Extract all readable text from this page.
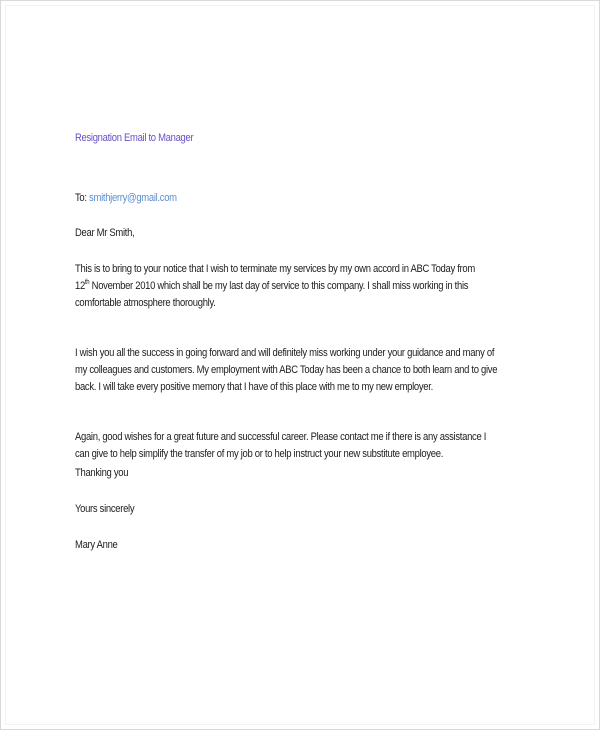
Resignation Email to Manager
To: smithjerry@gmail.com
Dear Mr Smith,
This is to bring to your notice that I wish to terminate my services by my own accord in ABC Today from
12th November 2010 which shall be my last day of service to this company. I shall miss working in this
comfortable atmosphere thoroughly.
I wish you all the success in going forward and will definitely miss working under your guidance and many of
my colleagues and customers. My employment with ABC Today has been a chance to both learn and to give
back. I will take every positive memory that I have of this place with me to my new employer.
Again, good wishes for a great future and successful career. Please contact me if there is any assistance I
can give to help simplify the transfer of my job or to help instruct your new substitute employee.
Thanking you
Yours sincerely
Mary Anne
